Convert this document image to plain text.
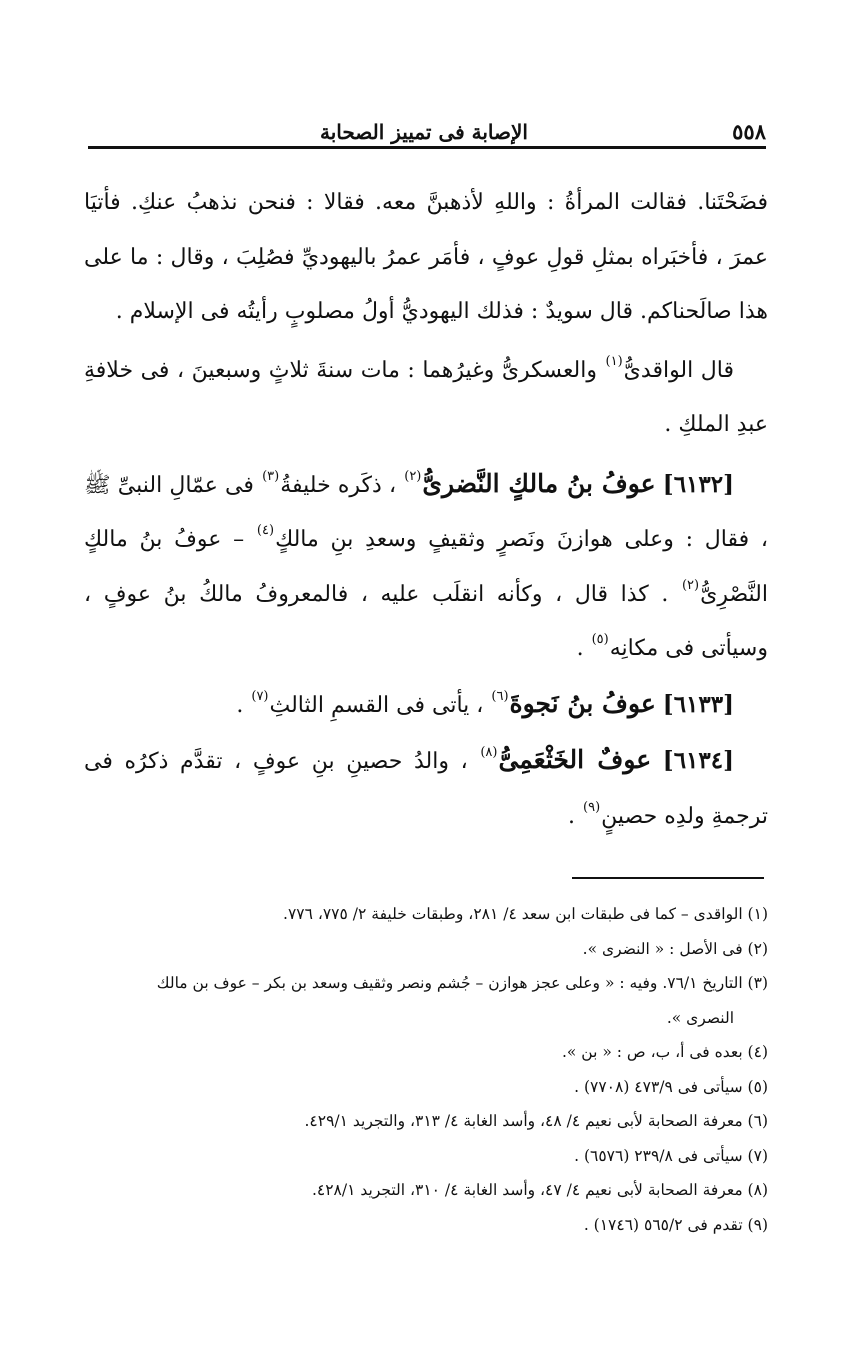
٥٥٨
الإصابة فى تمييز الصحابة

فضَحْتَنا. فقالت المرأةُ : واللهِ لأذهبنَّ معه. فقالا : فنحن نذهبُ عنكِ. فأتيَا عمرَ ، فأخبَراه بمثلِ قولِ عوفٍ ، فأمَر عمرُ باليهوديِّ فصُلِبَ ، وقال : ما على هذا صالَحناكم. قال سويدٌ : فذلك اليهوديُّ أولُ مصلوبٍ رأيتُه فى الإسلام .

قال الواقدىُّ$^{(١)}$ والعسكرىُّ وغيرُهما : مات سنةَ ثلاثٍ وسبعينَ ، فى خلافةِ عبدِ الملكِ .

[٦١٣٢] عوفُ بنُ مالكٍ النَّضرىُّ$^{(٢)}$ ، ذكَره خليفةُ$^{(٣)}$ فى عمّالِ النبىِّ ﷺ ، فقال : وعلى هوازنَ ونَصرٍ وثقيفٍ وسعدِ بنِ مالكٍ$^{(٤)}$ – عوفُ بنُ مالكٍ النَّصْرِىُّ$^{(٢)}$ . كذا قال ، وكأنه انقلَب عليه ، فالمعروفُ مالكُ بنُ عوفٍ ، وسيأتى فى مكانِه$^{(٥)}$ .

[٦١٣٣] عوفُ بنُ نَجوةَ$^{(٦)}$ ، يأتى فى القسمِ الثالثِ$^{(٧)}$ .

[٦١٣٤] عوفٌ الخَثْعَمِىُّ$^{(٨)}$ ، والدُ حصينِ بنِ عوفٍ ، تقدَّم ذكرُه فى ترجمةِ ولدِه حصينٍ$^{(٩)}$ .

(١) الواقدى – كما فى طبقات ابن سعد ٤/ ٢٨١، وطبقات خليفة ٢/ ٧٧٥، ٧٧٦.

(٢) فى الأصل : « النضرى ».

(٣) التاريخ ٧٦/١. وفيه : « وعلى عجز هوازن – جُشم ونصر وثقيف وسعد بن بكر – عوف بن مالك
النصرى ».

(٤) بعده فى أ، ب، ص : « بن ».

(٥) سيأتى فى ٤٧٣/٩ (٧٧٠٨) .

(٦) معرفة الصحابة لأبى نعيم ٤/ ٤٨، وأسد الغابة ٤/ ٣١٣، والتجريد ٤٢٩/١.

(٧) سيأتى فى ٢٣٩/٨ (٦٥٧٦) .

(٨) معرفة الصحابة لأبى نعيم ٤/ ٤٧، وأسد الغابة ٤/ ٣١٠، التجريد ٤٢٨/١.

(٩) تقدم فى ٥٦٥/٢ (١٧٤٦) .
